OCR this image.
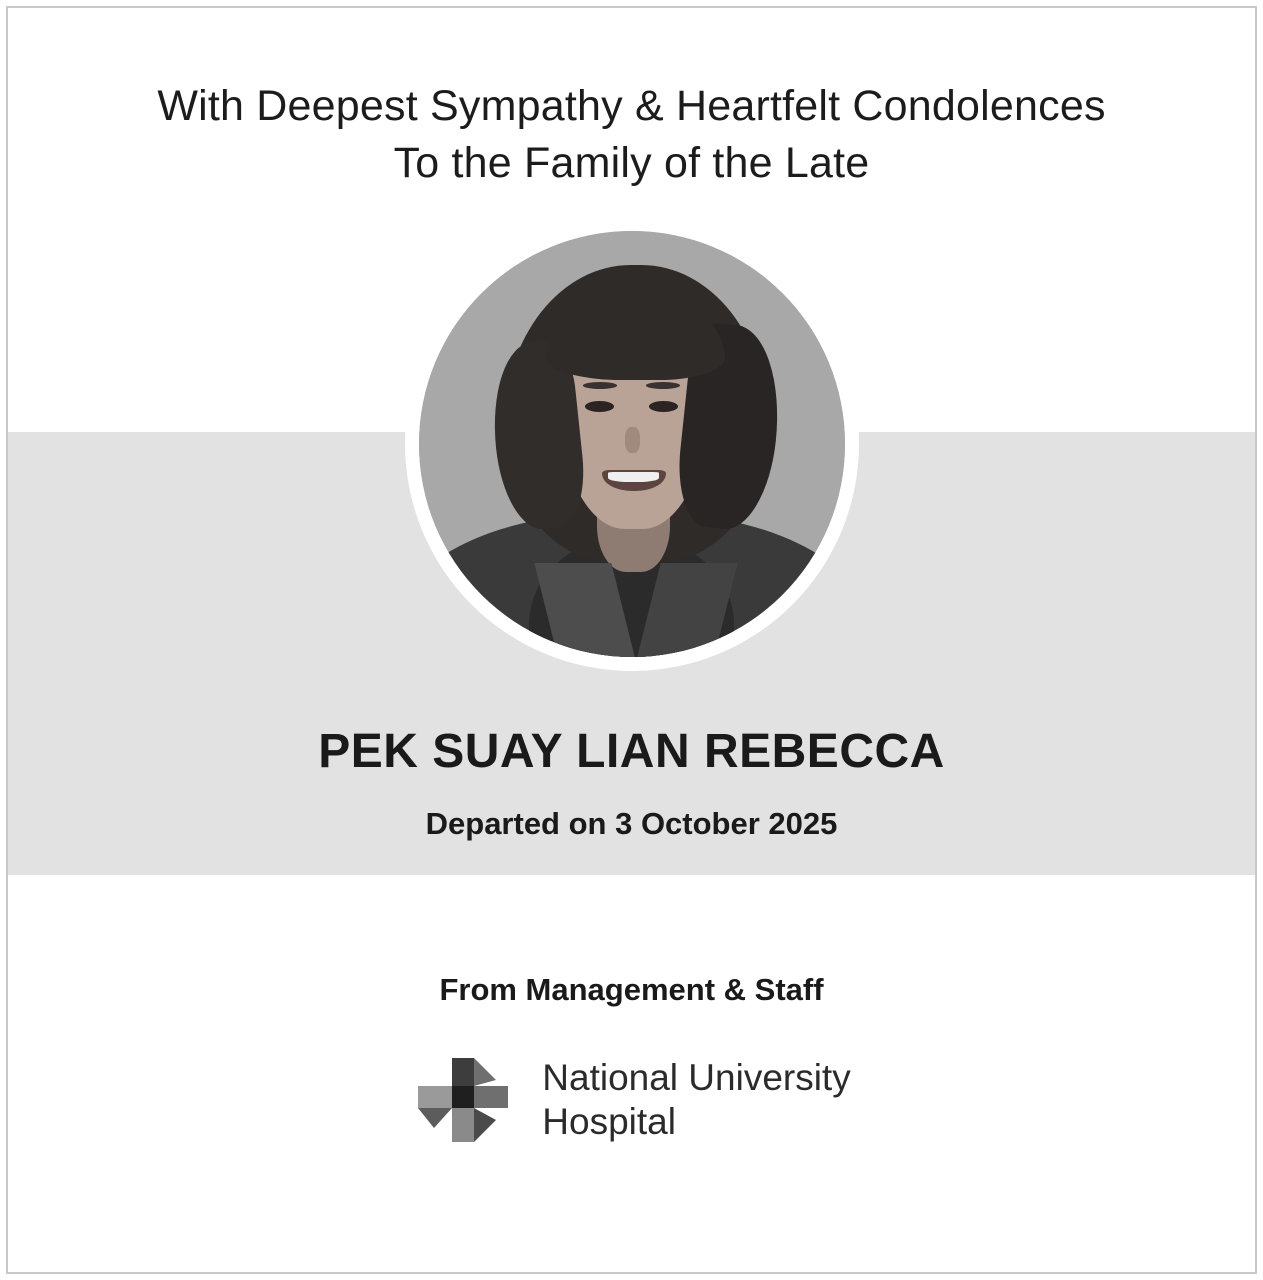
With Deepest Sympathy & Heartfelt Condolences
To the Family of the Late
PEK SUAY LIAN REBECCA
Departed on 3 October 2025
From Management & Staff
National University
Hospital
